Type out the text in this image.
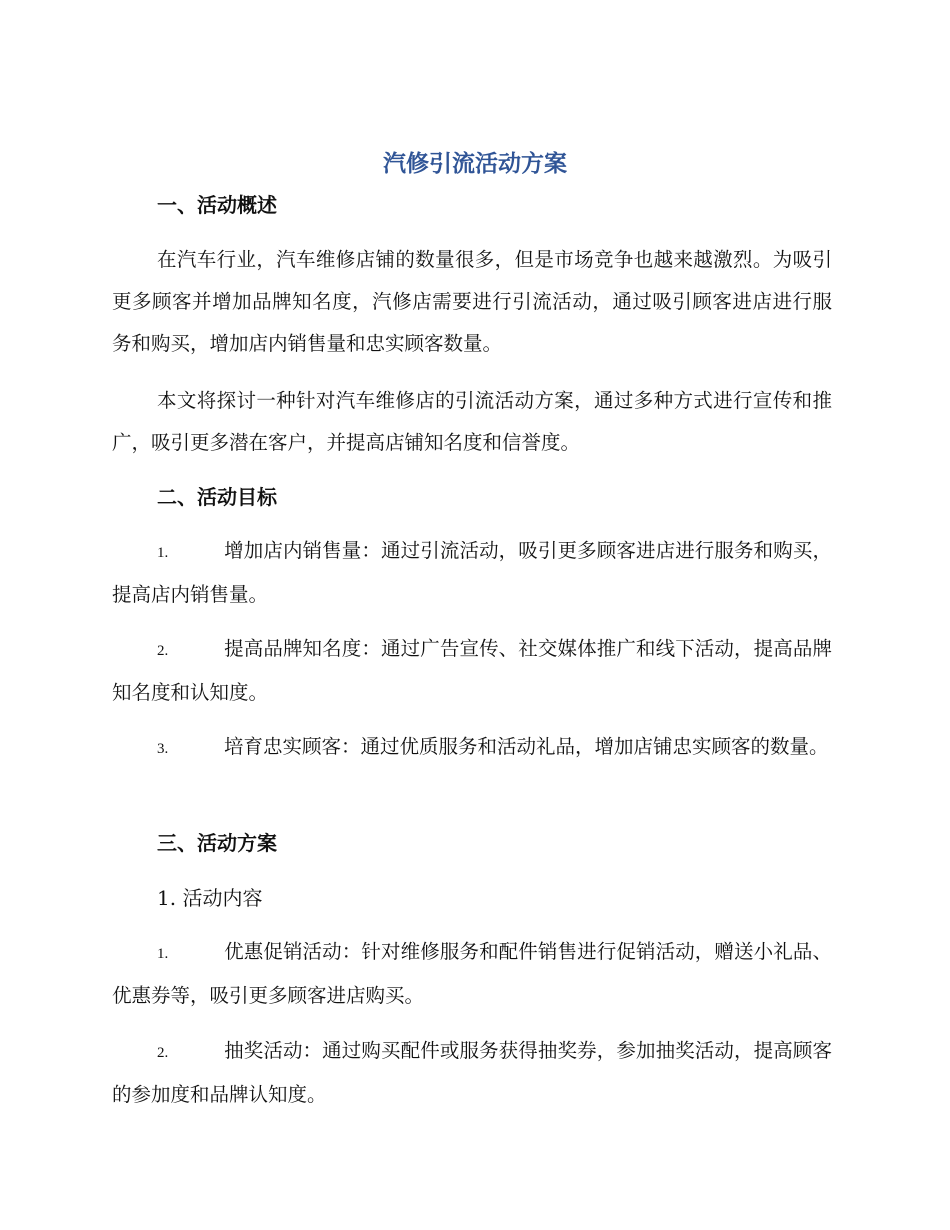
汽修引流活动方案
一、活动概述

在汽车行业，汽车维修店铺的数量很多，但是市场竞争也越来越激烈。为吸引更多顾客并增加品牌知名度，汽修店需要进行引流活动，通过吸引顾客进店进行服务和购买，增加店内销售量和忠实顾客数量。

本文将探讨一种针对汽车维修店的引流活动方案，通过多种方式进行宣传和推广，吸引更多潜在客户，并提高店铺知名度和信誉度。

二、活动目标

1.	增加店内销售量：通过引流活动，吸引更多顾客进店进行服务和购买，提高店内销售量。

2.	提高品牌知名度：通过广告宣传、社交媒体推广和线下活动，提高品牌知名度和认知度。

3.	培育忠实顾客：通过优质服务和活动礼品，增加店铺忠实顾客的数量。

三、活动方案
1. 活动内容

1.	优惠促销活动：针对维修服务和配件销售进行促销活动，赠送小礼品、优惠券等，吸引更多顾客进店购买。

2.	抽奖活动：通过购买配件或服务获得抽奖券，参加抽奖活动，提高顾客的参加度和品牌认知度。
